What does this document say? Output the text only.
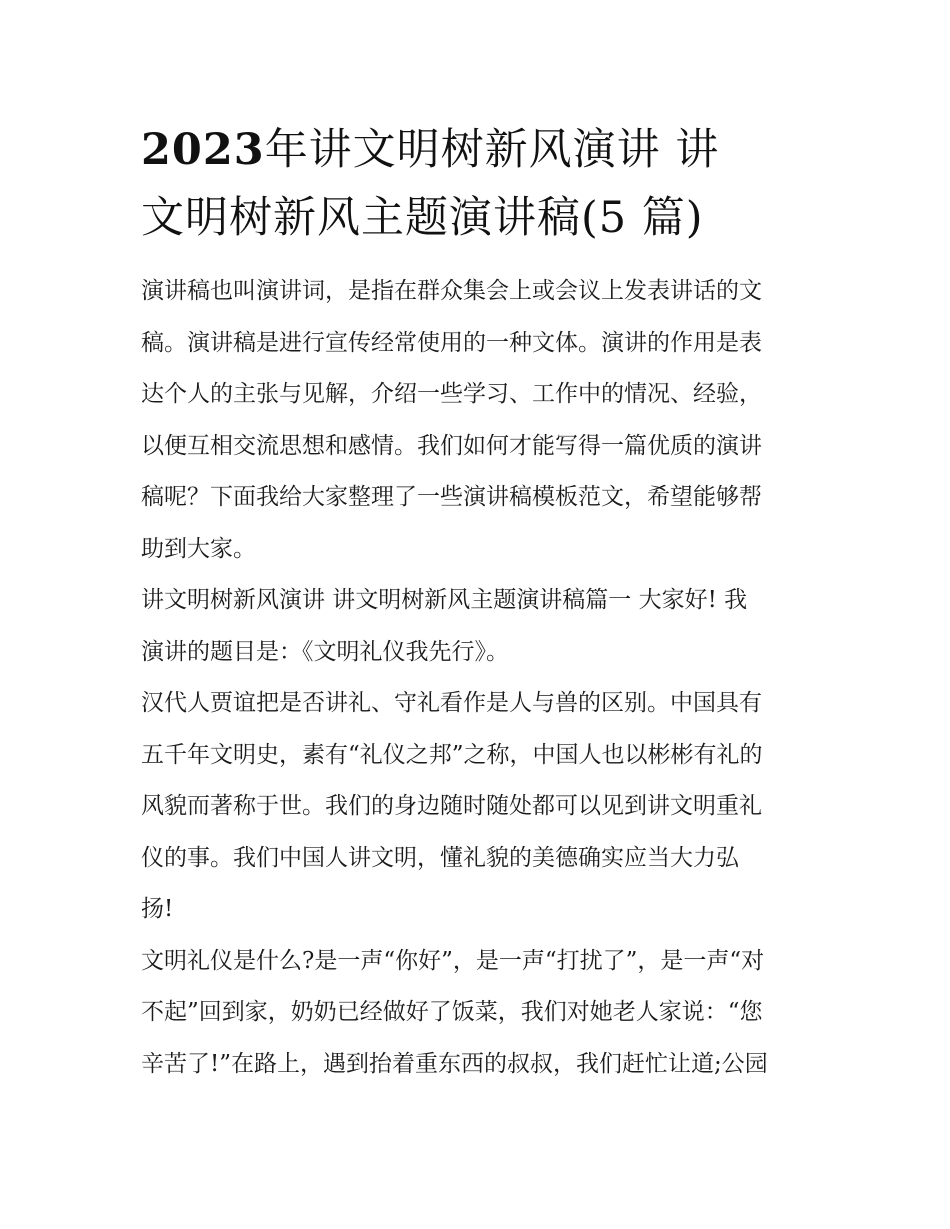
2023年讲文明树新风演讲 讲
文明树新风主题演讲稿(5 篇)

演讲稿也叫演讲词，是指在群众集会上或会议上发表讲话的文
稿。演讲稿是进行宣传经常使用的一种文体。演讲的作用是表
达个人的主张与见解，介绍一些学习、工作中的情况、经验，
以便互相交流思想和感情。我们如何才能写得一篇优质的演讲
稿呢？下面我给大家整理了一些演讲稿模板范文，希望能够帮
助到大家。

讲文明树新风演讲 讲文明树新风主题演讲稿篇一 大家好! 我
演讲的题目是：《文明礼仪我先行》。

汉代人贾谊把是否讲礼、守礼看作是人与兽的区别。中国具有
五千年文明史，素有“礼仪之邦”之称，中国人也以彬彬有礼的
风貌而著称于世。我们的身边随时随处都可以见到讲文明重礼
仪的事。我们中国人讲文明，懂礼貌的美德确实应当大力弘
扬!

文明礼仪是什么?是一声“你好”，是一声“打扰了”，是一声“对
不起”回到家，奶奶已经做好了饭菜，我们对她老人家说：“您
辛苦了!”在路上，遇到抬着重东西的叔叔，我们赶忙让道;公园
